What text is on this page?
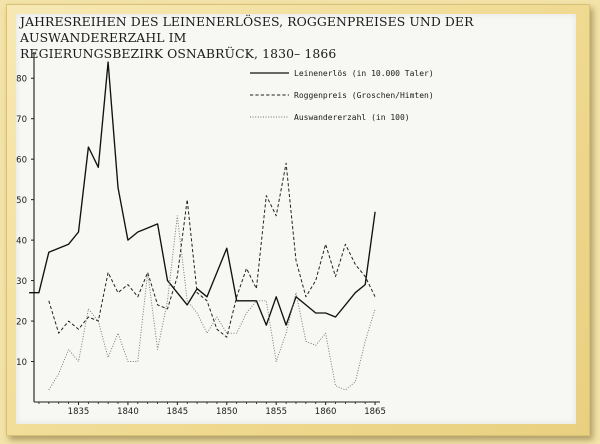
JAHRESREIHEN DES LEINENERLÖSES, ROGGENPREISES UND DER AUSWANDERERZAHL IM
REGIERUNGSBEZIRK OSNABRÜCK, 1830– 1866
10
20
30
40
50
60
70
80
1835	1840	1845	1850	1855	1860	1865
Leinenerlös (in 10.000 Taler)
Roggenpreis (Groschen/Himten)
Auswandererzahl (in 100)
